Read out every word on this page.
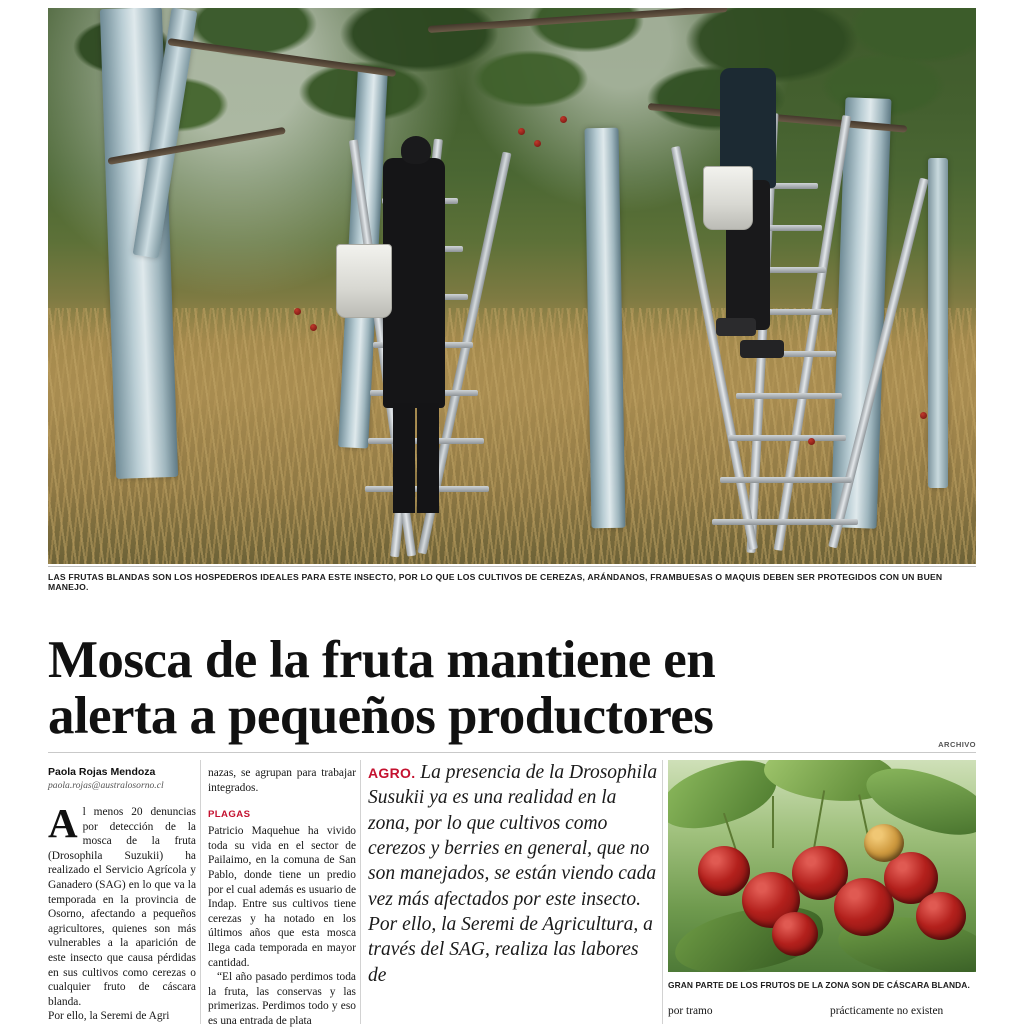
LAS FRUTAS BLANDAS SON LOS HOSPEDEROS IDEALES PARA ESTE INSECTO, POR LO QUE LOS CULTIVOS DE CEREZAS, ARÁNDANOS, FRAMBUESAS O MAQUIS DEBEN SER PROTEGIDOS CON UN BUEN MANEJO.
Mosca de la fruta mantiene en
alerta a pequeños productores
Paola Rojas Mendoza
paola.rojas@australosorno.cl

A l menos 20 denuncias por detección de la mosca de la fruta (Drosophila Suzukii) ha realizado el Servicio Agrícola y Ganadero (SAG) en lo que va la temporada en la provincia de Osorno, afectando a pequeños agricultores, quienes son más vulnerables a la aparición de este insecto que causa pérdidas en sus cultivos como cerezas o cualquier fruto de cáscara blanda.

Por ello, la Seremi de Agri

nazas, se agrupan para trabajar integrados.

PLAGAS

Patricio Maquehue ha vivido toda su vida en el sector de Pailaimo, en la comuna de San Pablo, donde tiene un predio por el cual además es usuario de Indap. Entre sus cultivos tiene cerezas y ha notado en los últimos años que esta mosca llega cada temporada en mayor cantidad.

“El año pasado perdimos toda la fruta, las conservas y las primerizas. Perdimos todo y eso es una entrada de plata

AGRO. La presencia de la Drosophila Susukii ya es una realidad en la zona, por lo que cultivos como cerezos y berries en general, que no son manejados, se están viendo cada vez más afectados por este insecto. Por ello, la Seremi de Agricultura, a través del SAG, realiza las labores de

ARCHIVO
GRAN PARTE DE LOS FRUTOS DE LA ZONA SON DE CÁSCARA BLANDA.
por tramo	prácticamente no existen
